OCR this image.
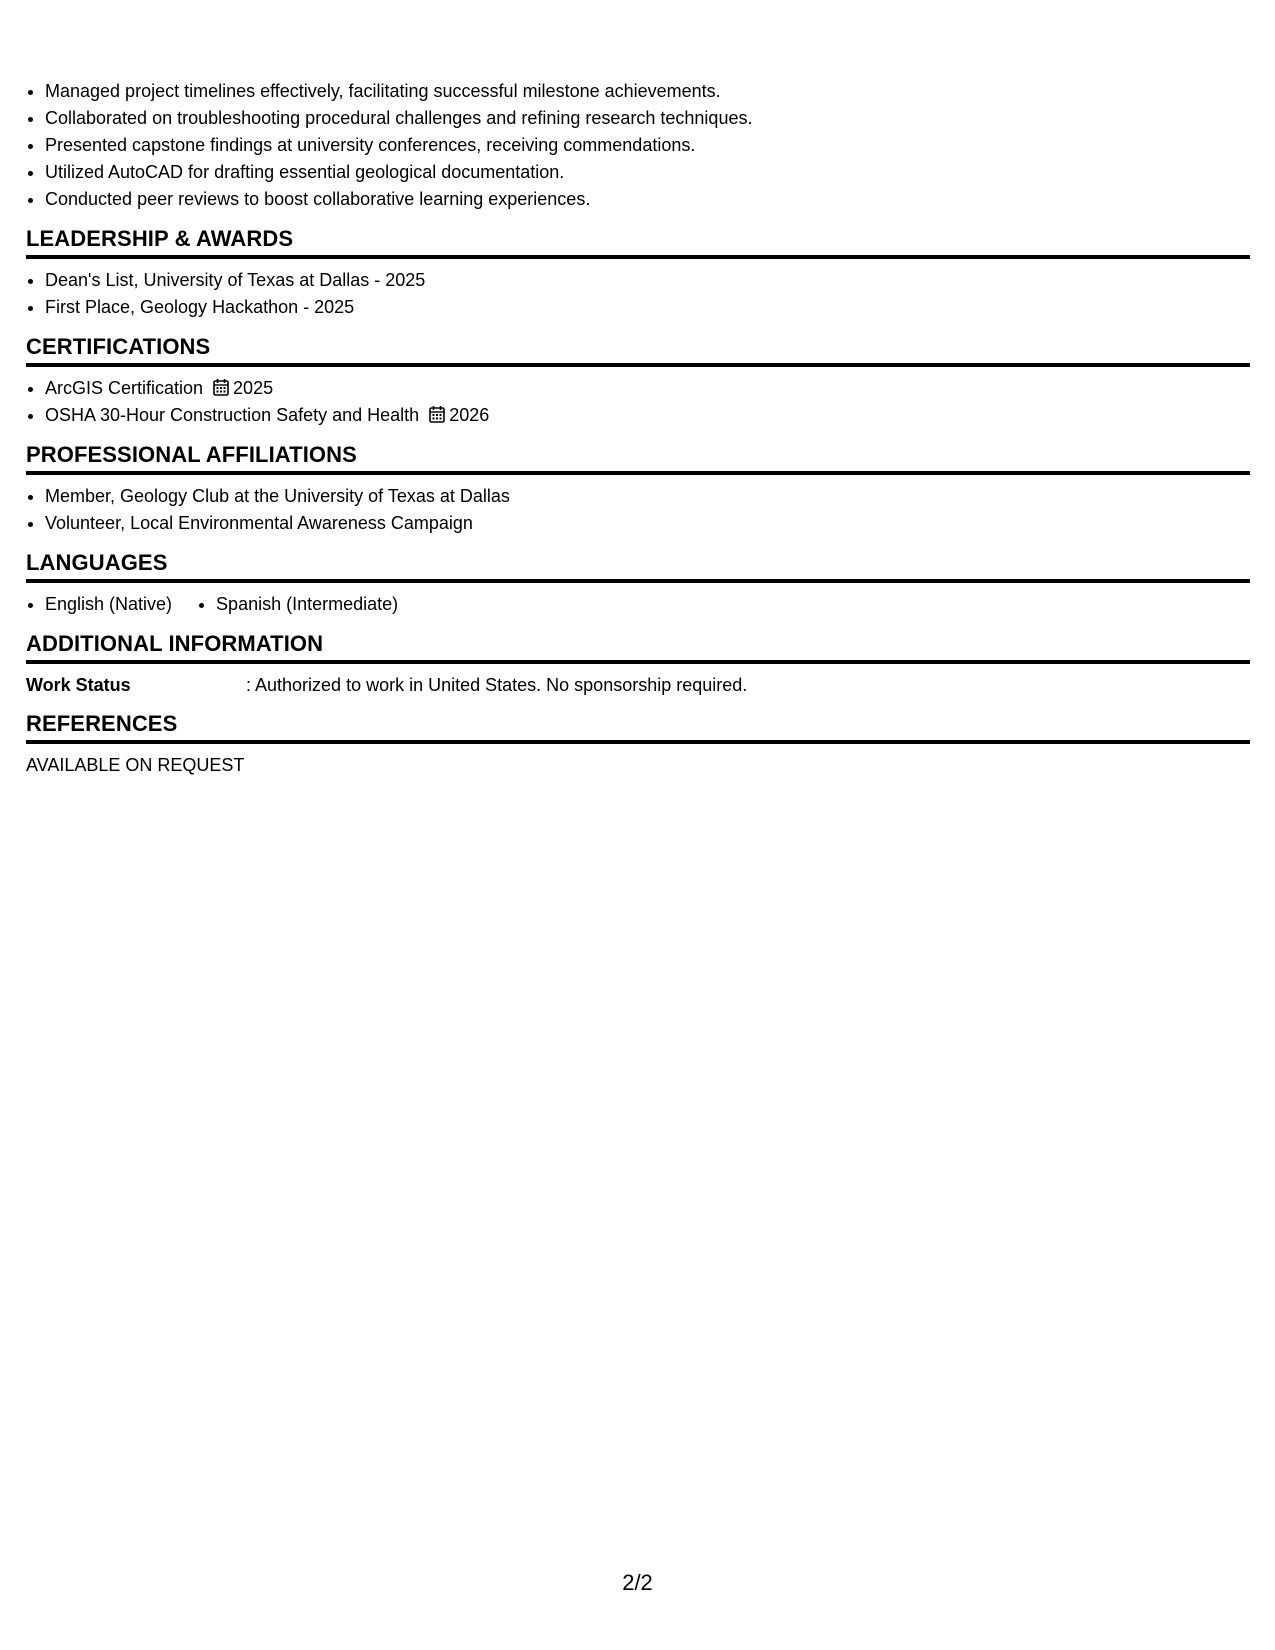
• Managed project timelines effectively, facilitating successful milestone achievements.
• Collaborated on troubleshooting procedural challenges and refining research techniques.
• Presented capstone findings at university conferences, receiving commendations.
• Utilized AutoCAD for drafting essential geological documentation.
• Conducted peer reviews to boost collaborative learning experiences.
LEADERSHIP & AWARDS
• Dean's List, University of Texas at Dallas - 2025
• First Place, Geology Hackathon - 2025
CERTIFICATIONS
• ArcGIS Certification 2025
• OSHA 30-Hour Construction Safety and Health 2026
PROFESSIONAL AFFILIATIONS
• Member, Geology Club at the University of Texas at Dallas
• Volunteer, Local Environmental Awareness Campaign
LANGUAGES
• English (Native)
• Spanish (Intermediate)
ADDITIONAL INFORMATION
Work Status	: Authorized to work in United States. No sponsorship required.
REFERENCES
AVAILABLE ON REQUEST
2/2
